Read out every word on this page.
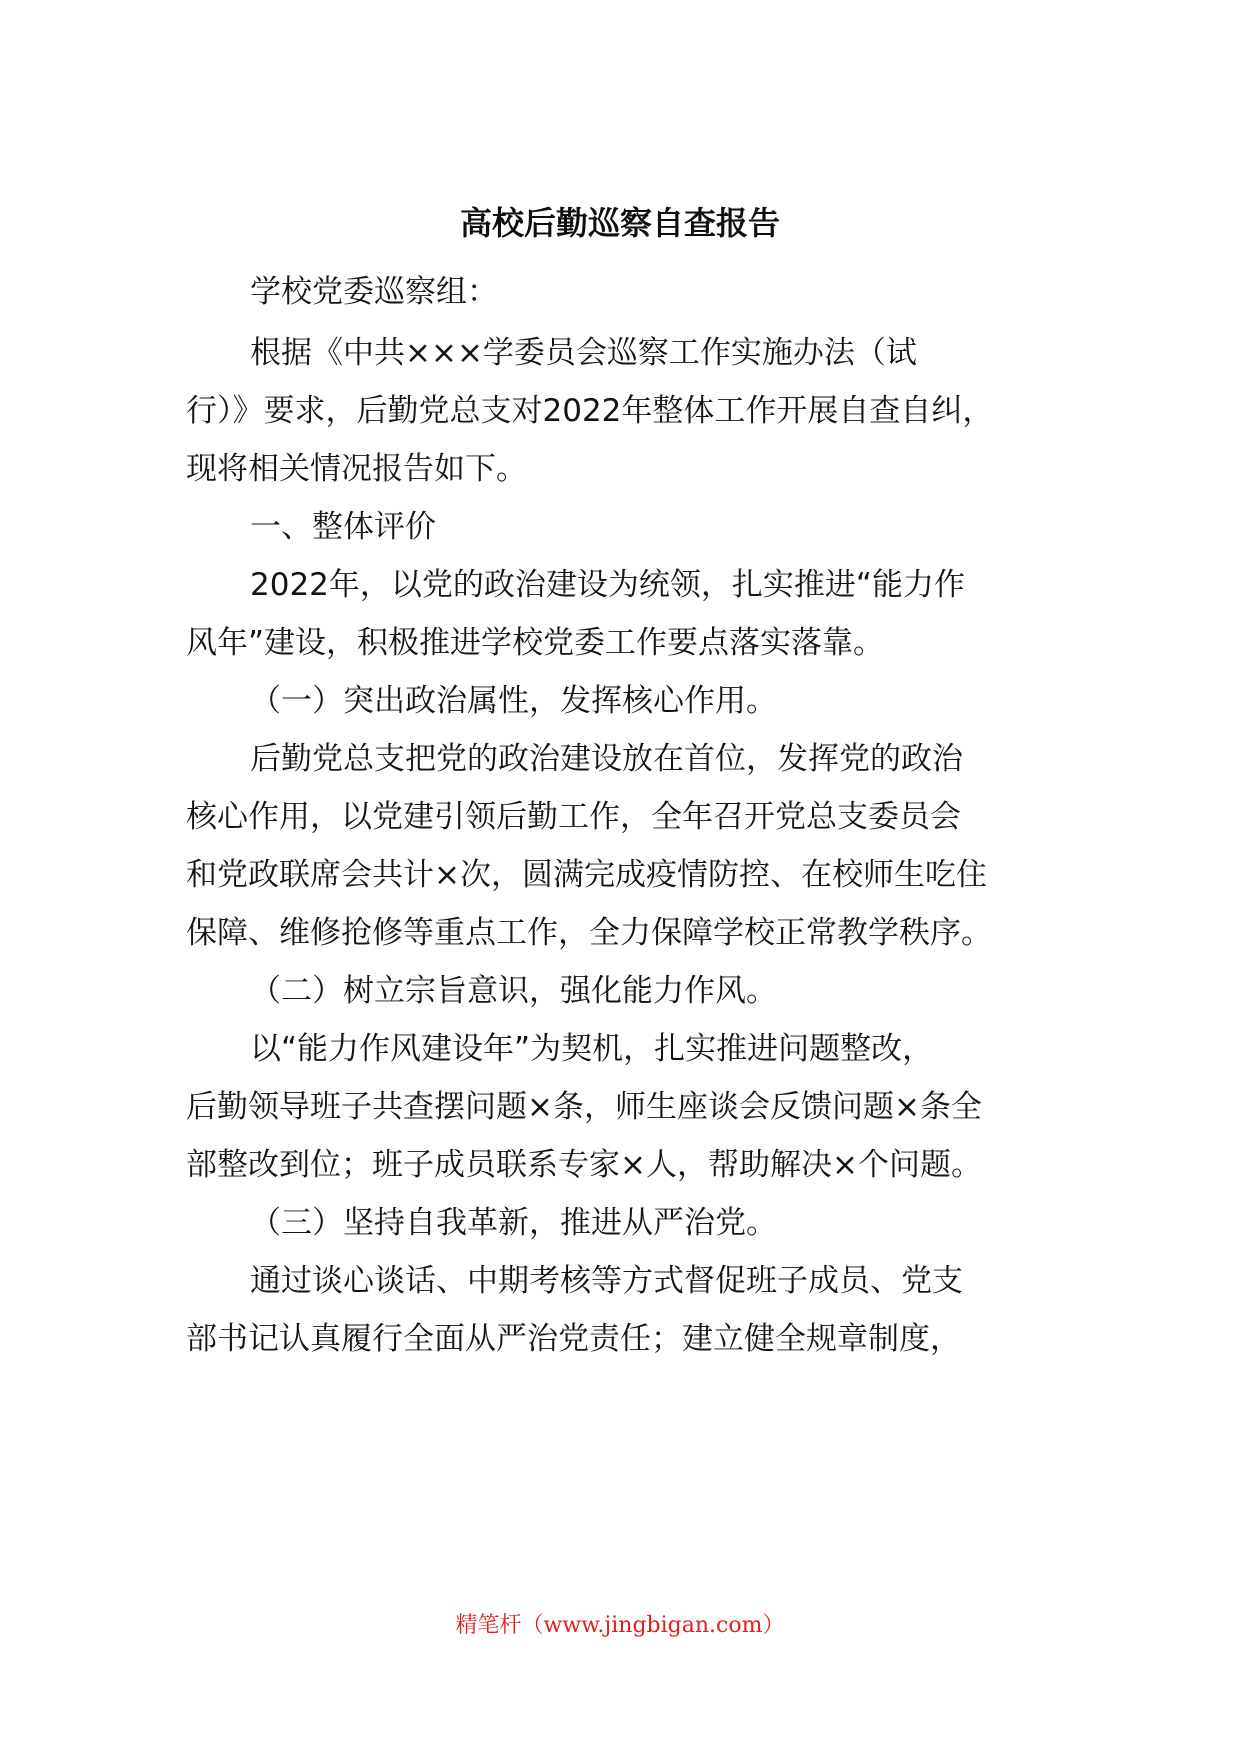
高校后勤巡察自查报告
学校党委巡察组：
根据《中共×××学委员会巡察工作实施办法（试
行）》要求，后勤党总支对2022年整体工作开展自查自纠，
现将相关情况报告如下。
一、整体评价
2022年，以党的政治建设为统领，扎实推进“能力作
风年”建设，积极推进学校党委工作要点落实落靠。
（一）突出政治属性，发挥核心作用。
后勤党总支把党的政治建设放在首位，发挥党的政治
核心作用，以党建引领后勤工作，全年召开党总支委员会
和党政联席会共计×次，圆满完成疫情防控、在校师生吃住
保障、维修抢修等重点工作，全力保障学校正常教学秩序。
（二）树立宗旨意识，强化能力作风。
以“能力作风建设年”为契机，扎实推进问题整改，
后勤领导班子共查摆问题×条，师生座谈会反馈问题×条全
部整改到位；班子成员联系专家×人，帮助解决×个问题。
（三）坚持自我革新，推进从严治党。
通过谈心谈话、中期考核等方式督促班子成员、党支
部书记认真履行全面从严治党责任；建立健全规章制度，
精笔杆（www.jingbigan.com）
